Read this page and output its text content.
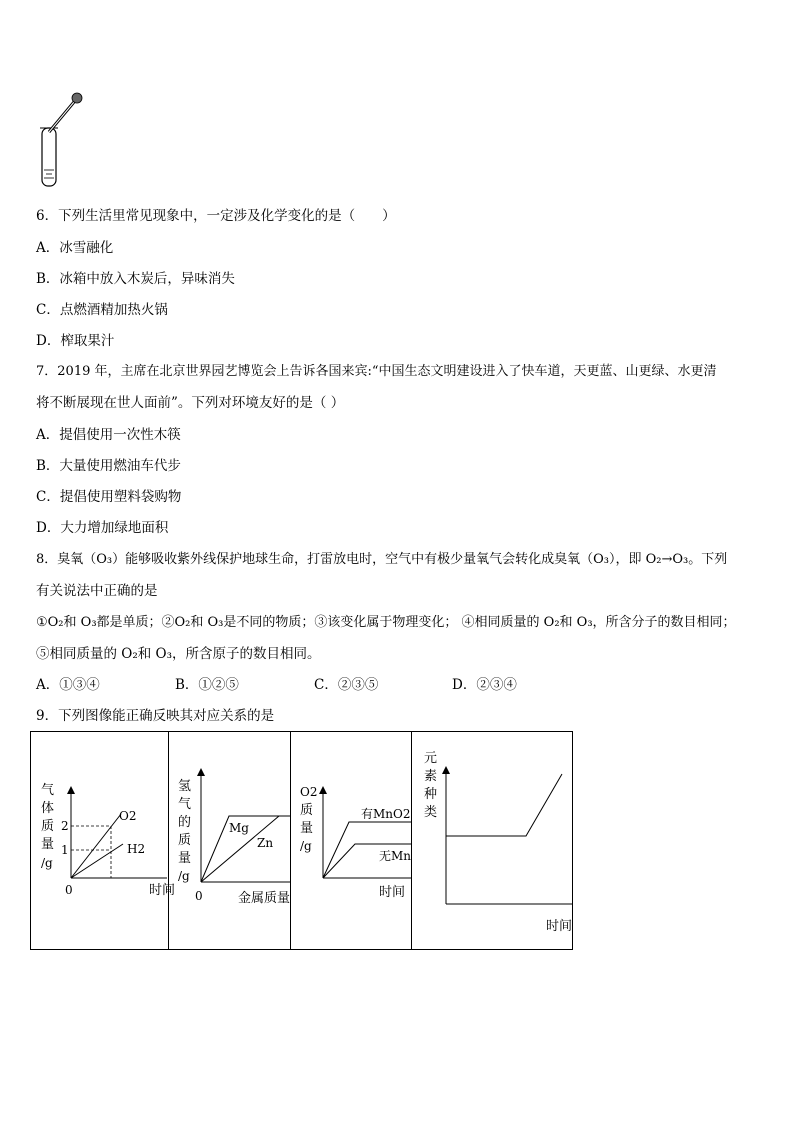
6．下列生活里常见现象中，一定涉及化学变化的是（　　）
A．冰雪融化
B．冰箱中放入木炭后，异味消失
C．点燃酒精加热火锅
D．榨取果汁
7．2019 年，主席在北京世界园艺博览会上告诉各国来宾:“中国生态文明建设进入了快车道，天更蓝、山更绿、水更清
将不断展现在世人面前”。下列对环境友好的是（ ）
A．提倡使用一次性木筷
B．大量使用燃油车代步
C．提倡使用塑料袋购物
D．大力增加绿地面积
8．臭氧（O₃）能够吸收紫外线保护地球生命，打雷放电时，空气中有极少量氧气会转化成臭氧（O₃），即 O₂→O₃。下列
有关说法中正确的是
①O₂和 O₃都是单质；②O₂和 O₃是不同的物质；③该变化属于物理变化； ④相同质量的 O₂和 O₃，所含分子的数目相同；
⑤相同质量的 O₂和 O₃，所含原子的数目相同。
A．①③④	B．①②⑤	C．②③⑤	D．②③④
9．下列图像能正确反映其对应关系的是
气
体
质
量
/g
0	时间
2
1
O2
H2
氢
气
的
质
量
/g
0	金属质量
Mg
Zn
O2
质
量
/g
时间
有MnO2
无Mn
元
素
种
类
时间
